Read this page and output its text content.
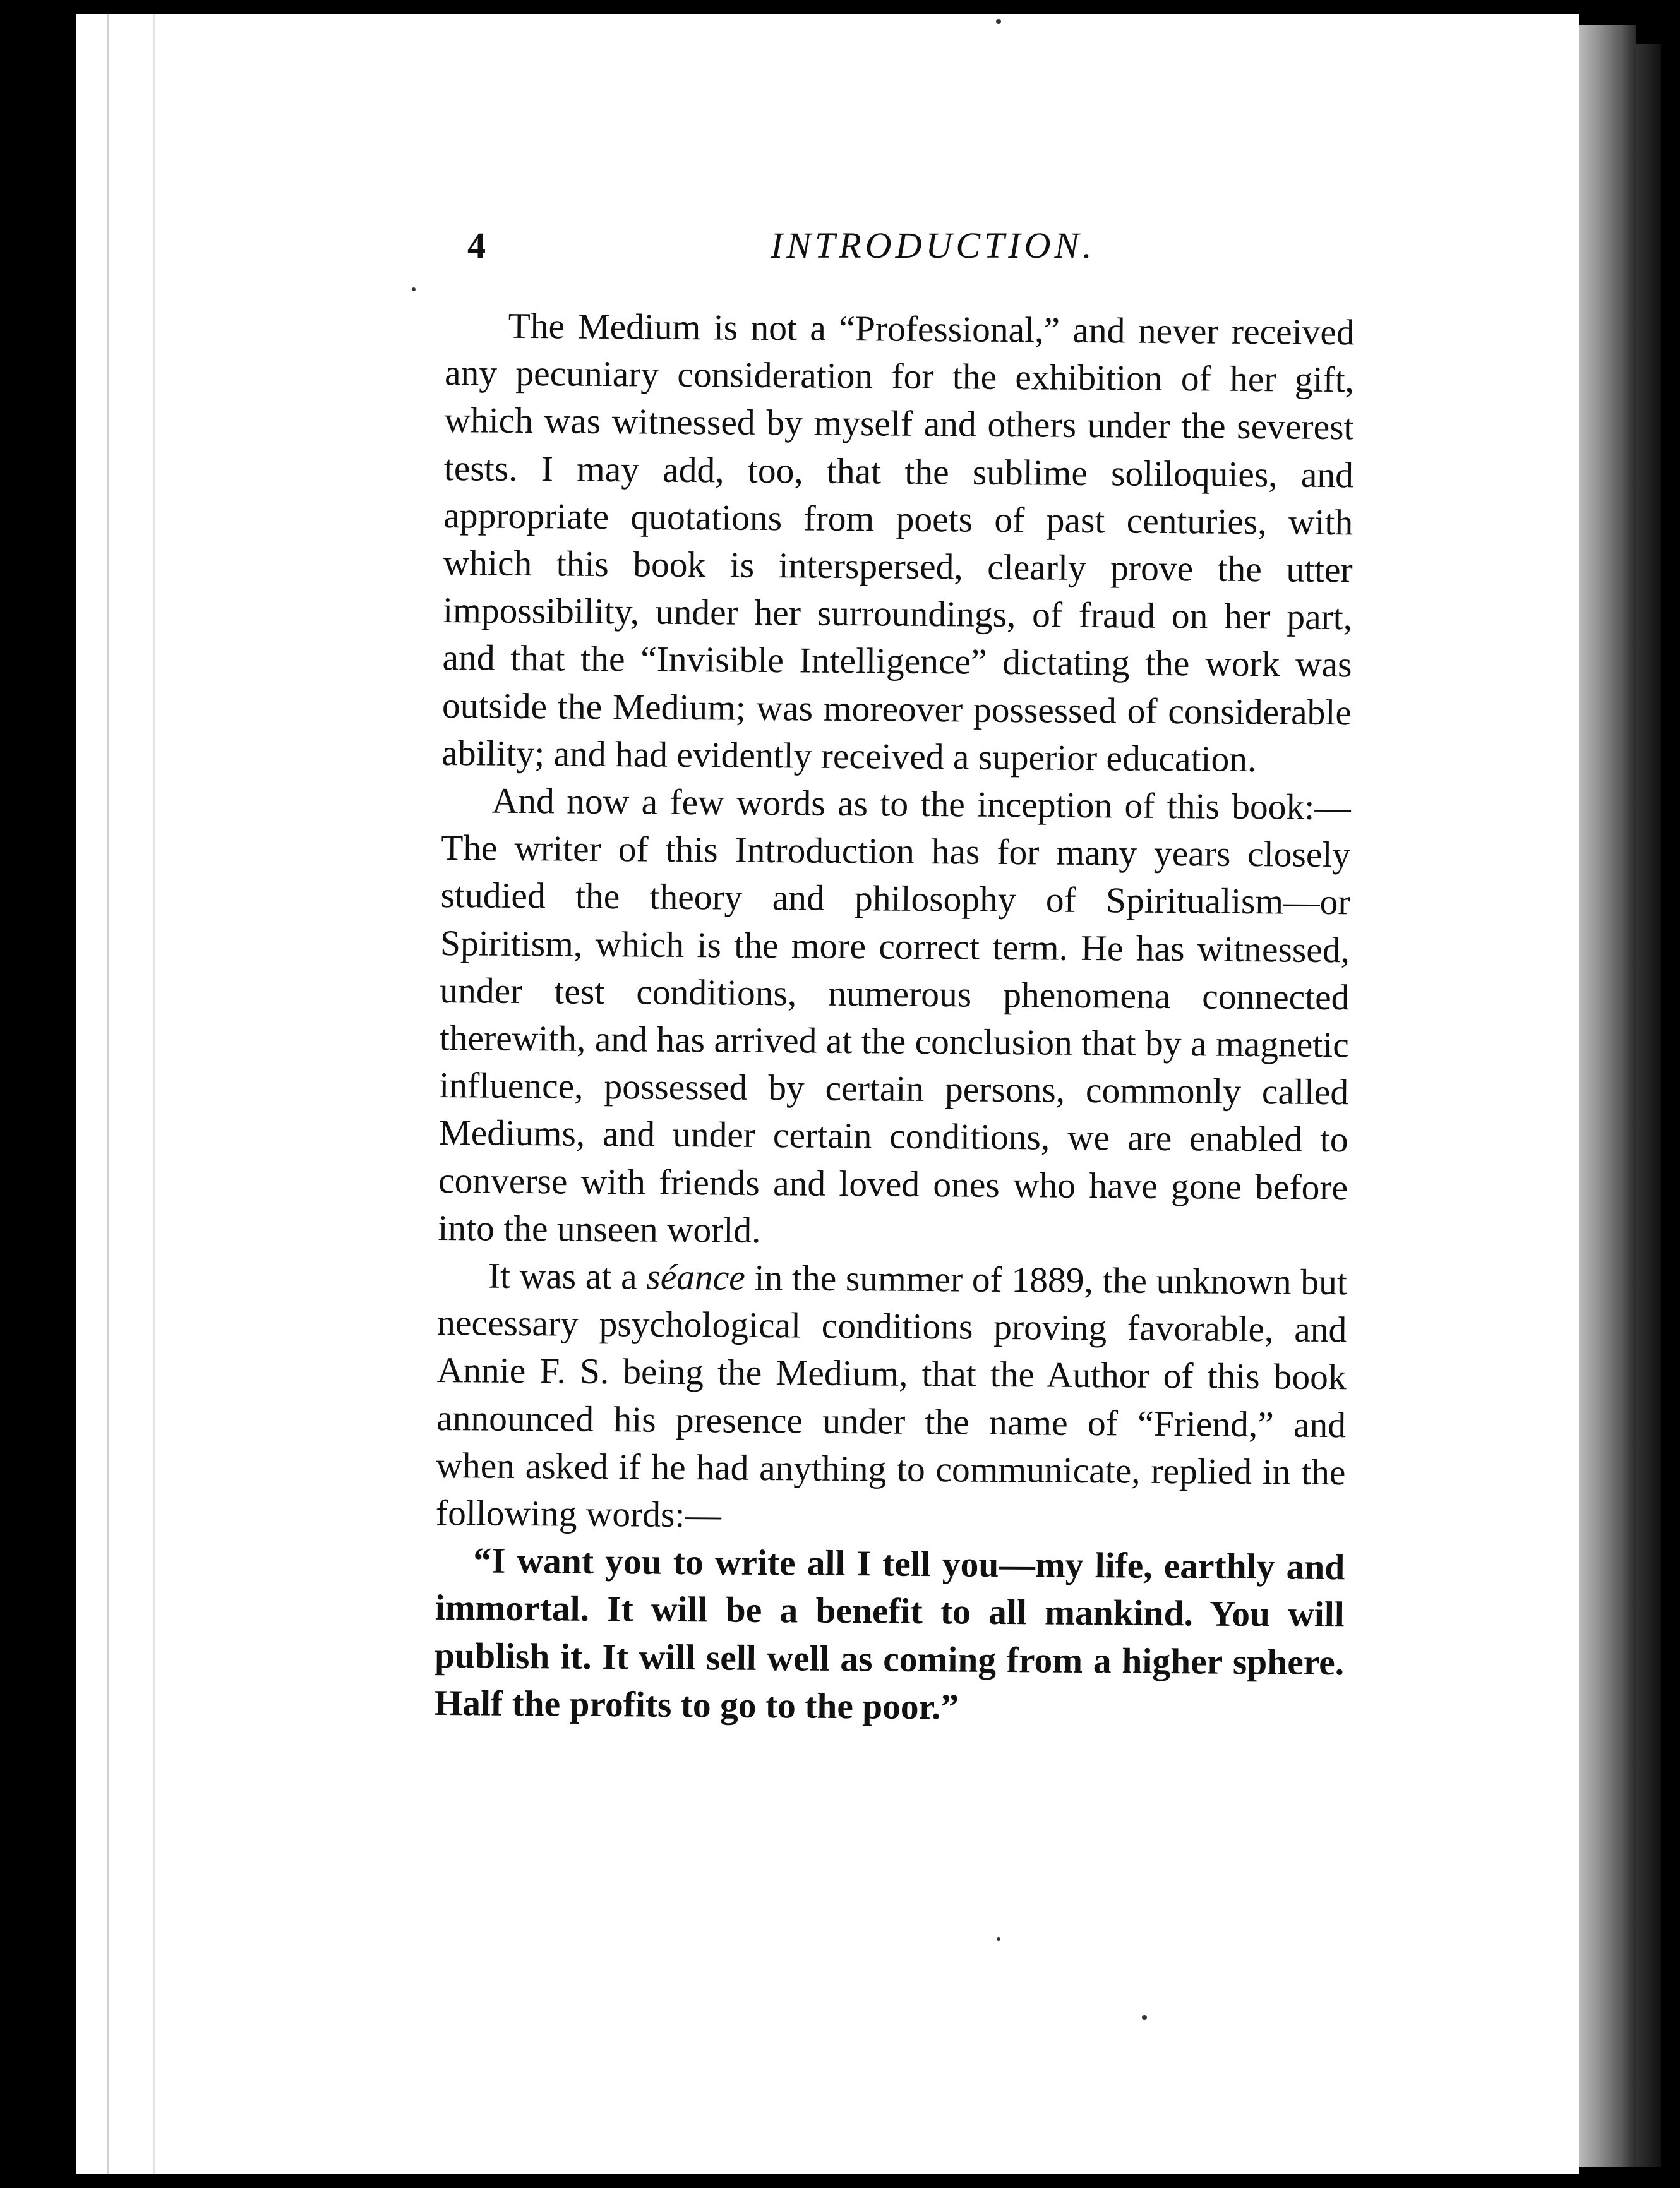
4	INTRODUCTION.

The Medium is not a “Professional,” and never received any pecuniary consideration for the exhibition of her gift, which was witnessed by myself and others under the severest tests. I may add, too, that the sublime soliloquies, and appropriate quotations from poets of past centuries, with which this book is interspersed, clearly prove the utter impossibility, under her surroundings, of fraud on her part, and that the “Invisible Intelligence” dictating the work was outside the Medium; was moreover possessed of considerable ability; and had evidently received a superior education.

And now a few words as to the inception of this book:—The writer of this Introduction has for many years closely studied the theory and philosophy of Spiritualism—or Spiritism, which is the more correct term. He has witnessed, under test conditions, numerous phenomena connected therewith, and has arrived at the conclusion that by a magnetic influence, possessed by certain persons, commonly called Mediums, and under certain conditions, we are enabled to converse with friends and loved ones who have gone before into the unseen world.

It was at a séance in the summer of 1889, the unknown but necessary psychological conditions proving favorable, and Annie F. S. being the Medium, that the Author of this book announced his presence under the name of “Friend,” and when asked if he had anything to communicate, replied in the following words:—

“I want you to write all I tell you—my life, earthly and immortal. It will be a benefit to all mankind. You will publish it. It will sell well as coming from a higher sphere. Half the profits to go to the poor.”
